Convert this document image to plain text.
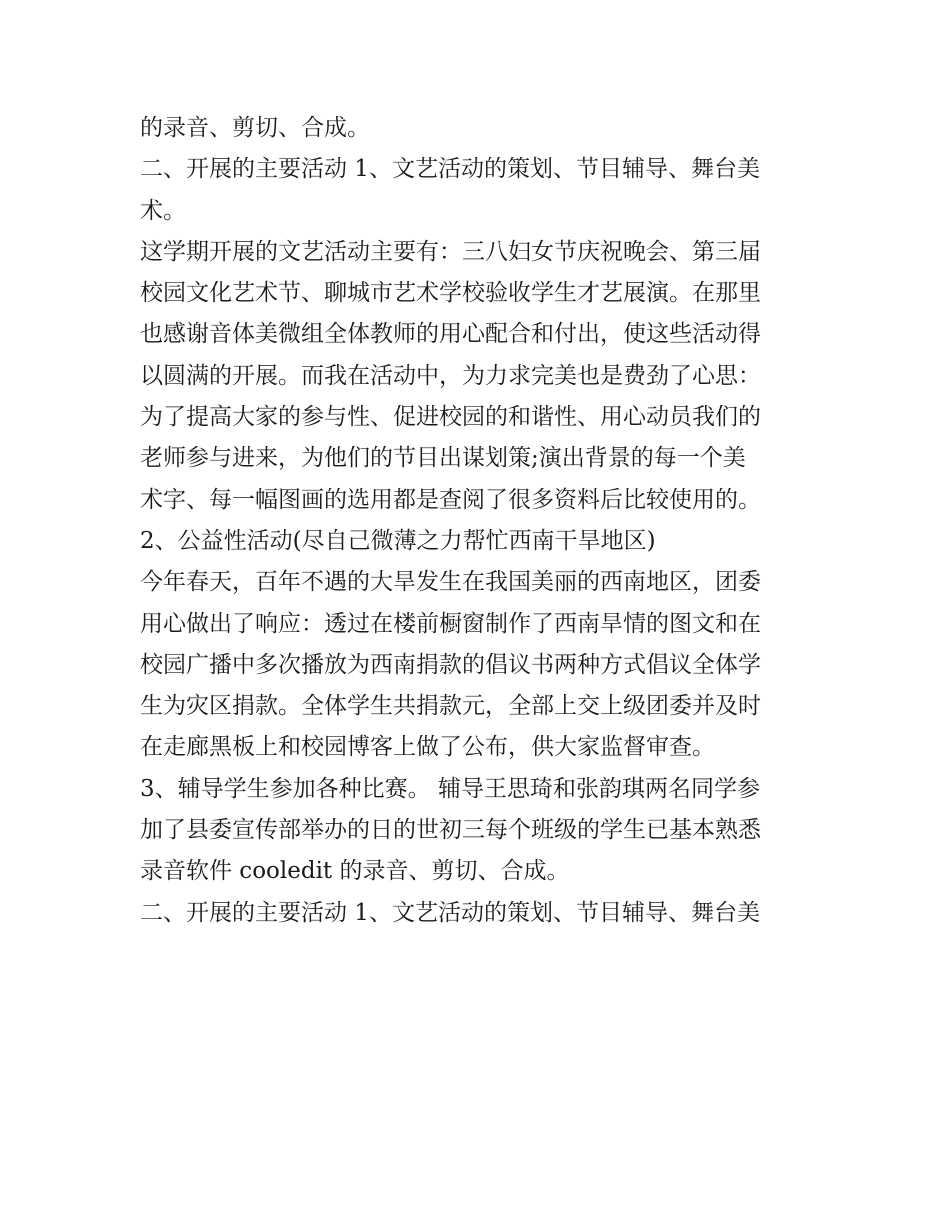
的录音、剪切、合成。
二、开展的主要活动 1、文艺活动的策划、节目辅导、舞台美
术。
这学期开展的文艺活动主要有：三八妇女节庆祝晚会、第三届
校园文化艺术节、聊城市艺术学校验收学生才艺展演。在那里
也感谢音体美微组全体教师的用心配合和付出，使这些活动得
以圆满的开展。而我在活动中，为力求完美也是费劲了心思：
为了提高大家的参与性、促进校园的和谐性、用心动员我们的
老师参与进来，为他们的节目出谋划策;演出背景的每一个美
术字、每一幅图画的选用都是查阅了很多资料后比较使用的。
2、公益性活动(尽自己微薄之力帮忙西南干旱地区)
今年春天，百年不遇的大旱发生在我国美丽的西南地区，团委
用心做出了响应：透过在楼前橱窗制作了西南旱情的图文和在
校园广播中多次播放为西南捐款的倡议书两种方式倡议全体学
生为灾区捐款。全体学生共捐款元，全部上交上级团委并及时
在走廊黑板上和校园博客上做了公布，供大家监督审查。
3、辅导学生参加各种比赛。 辅导王思琦和张韵琪两名同学参
加了县委宣传部举办的日的世初三每个班级的学生已基本熟悉
录音软件 cooledit 的录音、剪切、合成。
二、开展的主要活动 1、文艺活动的策划、节目辅导、舞台美
